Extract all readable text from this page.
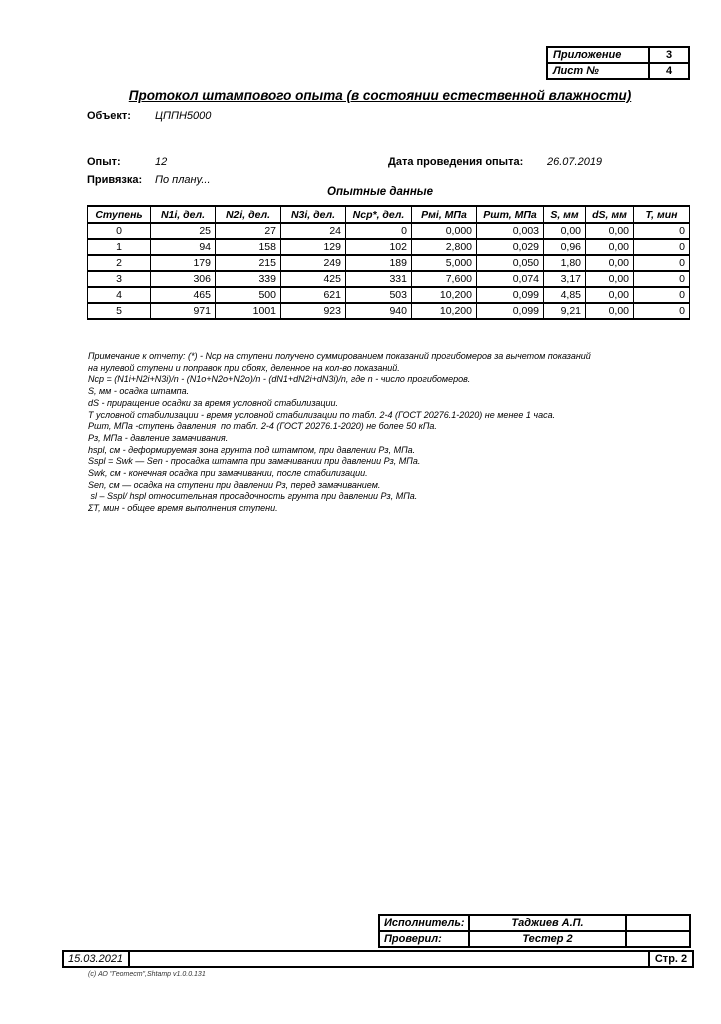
Приложение	3
Лист №	4
Протокол штампового опыта (в состоянии естественной влажности)
Объект: ЦППН5000
Опыт:	12	Дата проведения опыта: 26.07.2019
Привязка: По плану...
Опытные данные
Ступень	N1i, дел.	N2i, дел.	N3i, дел.	Ncp*, дел.	Pмi, МПа	Pшт, МПа	S, мм	dS, мм	T, мин
0	25	27	24	0	0,000	0,003	0,00	0,00	0
1	94	158	129	102	2,800	0,029	0,96	0,00	0
2	179	215	249	189	5,000	0,050	1,80	0,00	0
3	306	339	425	331	7,600	0,074	3,17	0,00	0
4	465	500	621	503	10,200	0,099	4,85	0,00	0
5	971	1001	923	940	10,200	0,099	9,21	0,00	0
Примечание к отчету: (*) - Ncp на ступени получено суммированием показаний прогибомеров за вычетом показаний
на нулевой ступени и поправок при сбоях, деленное на кол-во показаний.
Ncp = (N1i+N2i+N3i)/n - (N1o+N2o+N2o)/n - (dN1+dN2i+dN3i)/n, где n - число прогибомеров.
S, мм - осадка штампа.
dS - приращение осадки за время условной стабилизации.
T условной стабилизации - время условной стабилизации по табл. 2-4 (ГОСТ 20276.1-2020) не менее 1 часа.
Pшт, МПа -ступень давления  по табл. 2-4 (ГОСТ 20276.1-2020) не более 50 кПа.
Pз, МПа - давление замачивания.
hspl, см - деформируемая зона грунта под штампом, при давлении Pз, МПа.
Sspl = Swk — Sen - просадка штампа при замачивании при давлении Pз, МПа.
Swk, см - конечная осадка при замачивании, после стабилизации.
Sen, см — осадка на ступени при давлении Pз, перед замачиванием.
sl – Sspl/ hspl относительная просадочность грунта при давлении Pз, МПа.
ΣT, мин - общее время выполнения ступени.
Исполнитель:	Таджиев А.П.	
Проверил:	Тестер 2	
15.03.2021		Стр. 2
(с) АО "Геотест",Shtamp v1.0.0.131
